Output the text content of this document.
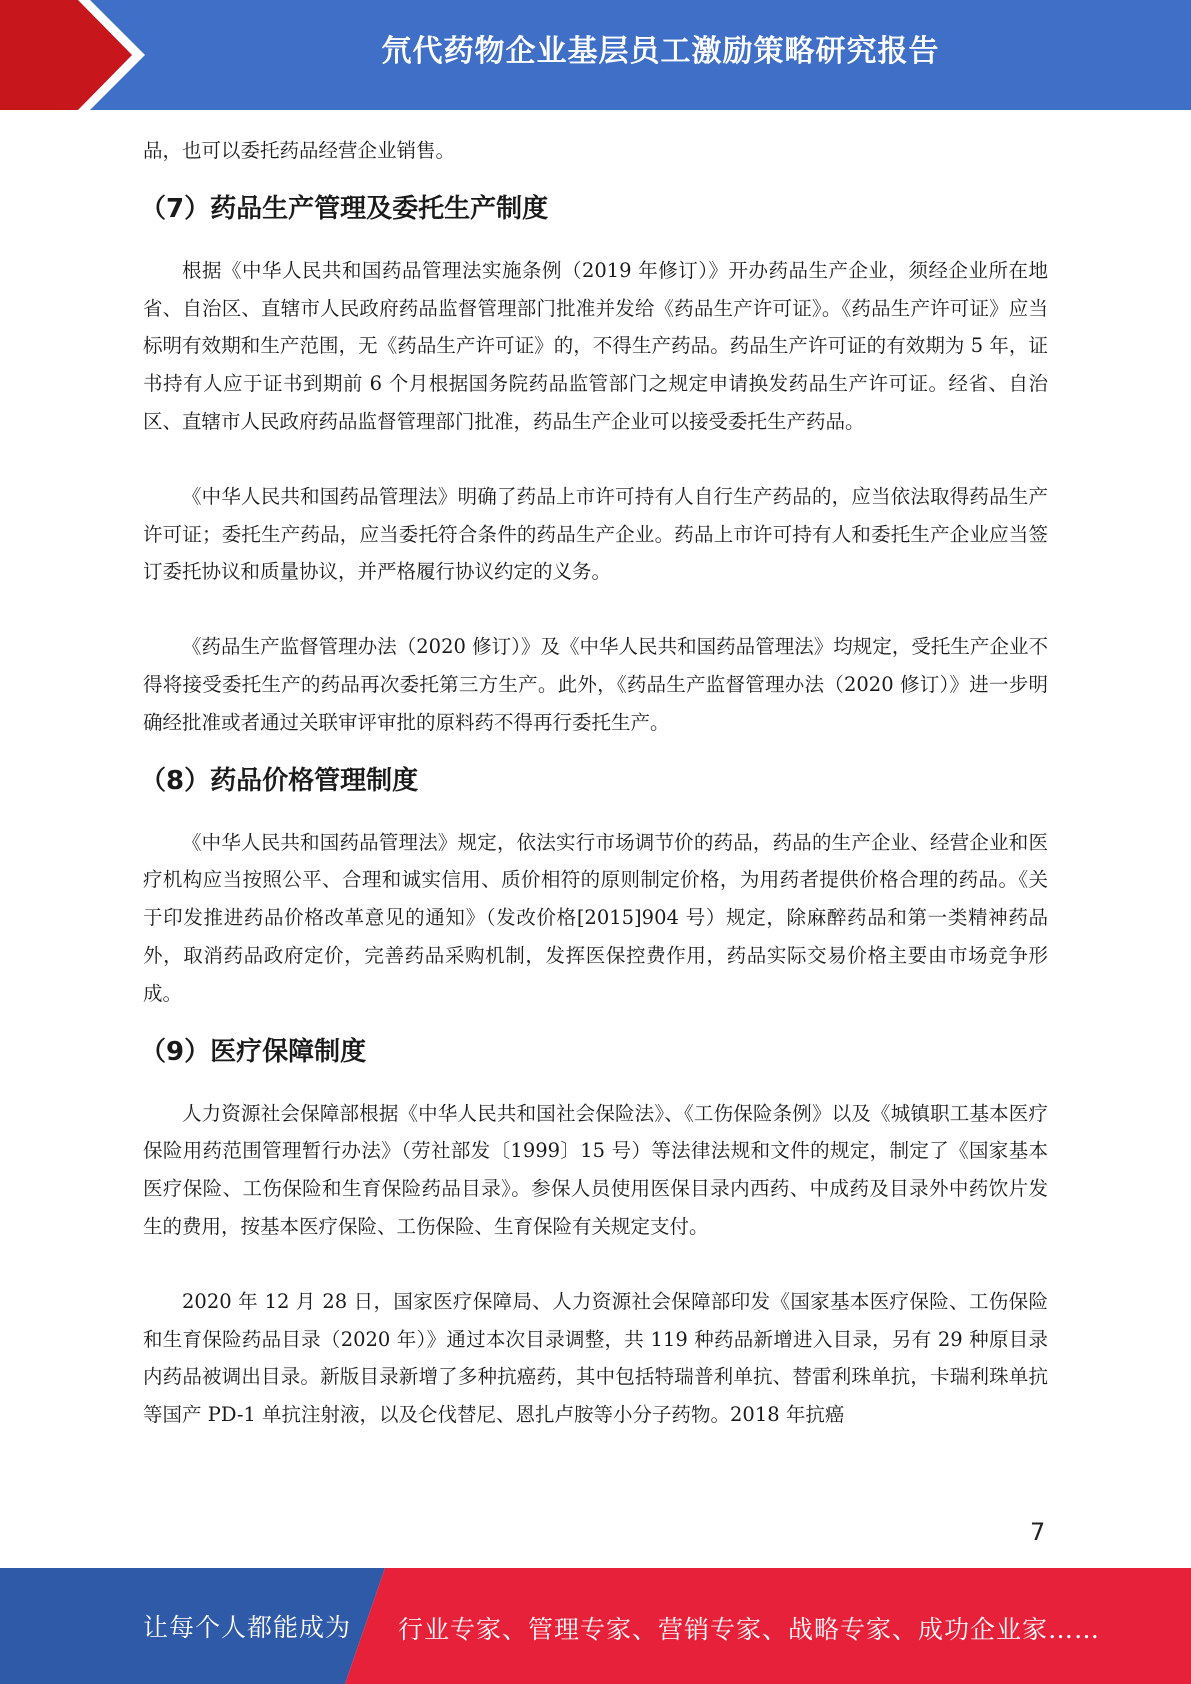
氘代药物企业基层员工激励策略研究报告

品，也可以委托药品经营企业销售。

（7）药品生产管理及委托生产制度

根据《中华人民共和国药品管理法实施条例（2019 年修订）》开办药品生产企业，须经企业所在地省、自治区、直辖市人民政府药品监督管理部门批准并发给《药品生产许可证》。《药品生产许可证》应当标明有效期和生产范围，无《药品生产许可证》的，不得生产药品。药品生产许可证的有效期为 5 年，证书持有人应于证书到期前 6 个月根据国务院药品监管部门之规定申请换发药品生产许可证。经省、自治区、直辖市人民政府药品监督管理部门批准，药品生产企业可以接受委托生产药品。

《中华人民共和国药品管理法》明确了药品上市许可持有人自行生产药品的，应当依法取得药品生产许可证；委托生产药品，应当委托符合条件的药品生产企业。药品上市许可持有人和委托生产企业应当签订委托协议和质量协议，并严格履行协议约定的义务。

《药品生产监督管理办法（2020 修订）》及《中华人民共和国药品管理法》均规定，受托生产企业不得将接受委托生产的药品再次委托第三方生产。此外，《药品生产监督管理办法（2020 修订）》进一步明确经批准或者通过关联审评审批的原料药不得再行委托生产。

（8）药品价格管理制度

《中华人民共和国药品管理法》规定，依法实行市场调节价的药品，药品的生产企业、经营企业和医疗机构应当按照公平、合理和诚实信用、质价相符的原则制定价格，为用药者提供价格合理的药品。《关于印发推进药品价格改革意见的通知》（发改价格[2015]904 号）规定，除麻醉药品和第一类精神药品外，取消药品政府定价，完善药品采购机制，发挥医保控费作用，药品实际交易价格主要由市场竞争形成。

（9）医疗保障制度

人力资源社会保障部根据《中华人民共和国社会保险法》、《工伤保险条例》以及《城镇职工基本医疗保险用药范围管理暂行办法》（劳社部发〔1999〕15 号）等法律法规和文件的规定，制定了《国家基本医疗保险、工伤保险和生育保险药品目录》。参保人员使用医保目录内西药、中成药及目录外中药饮片发生的费用，按基本医疗保险、工伤保险、生育保险有关规定支付。

2020 年 12 月 28 日，国家医疗保障局、人力资源社会保障部印发《国家基本医疗保险、工伤保险和生育保险药品目录（2020 年）》通过本次目录调整，共 119 种药品新增进入目录，另有 29 种原目录内药品被调出目录。新版目录新增了多种抗癌药，其中包括特瑞普利单抗、替雷利珠单抗，卡瑞利珠单抗等国产 PD-1 单抗注射液，以及仑伐替尼、恩扎卢胺等小分子药物。2018 年抗癌

7
让每个人都能成为 行业专家、管理专家、营销专家、战略专家、成功企业家……
